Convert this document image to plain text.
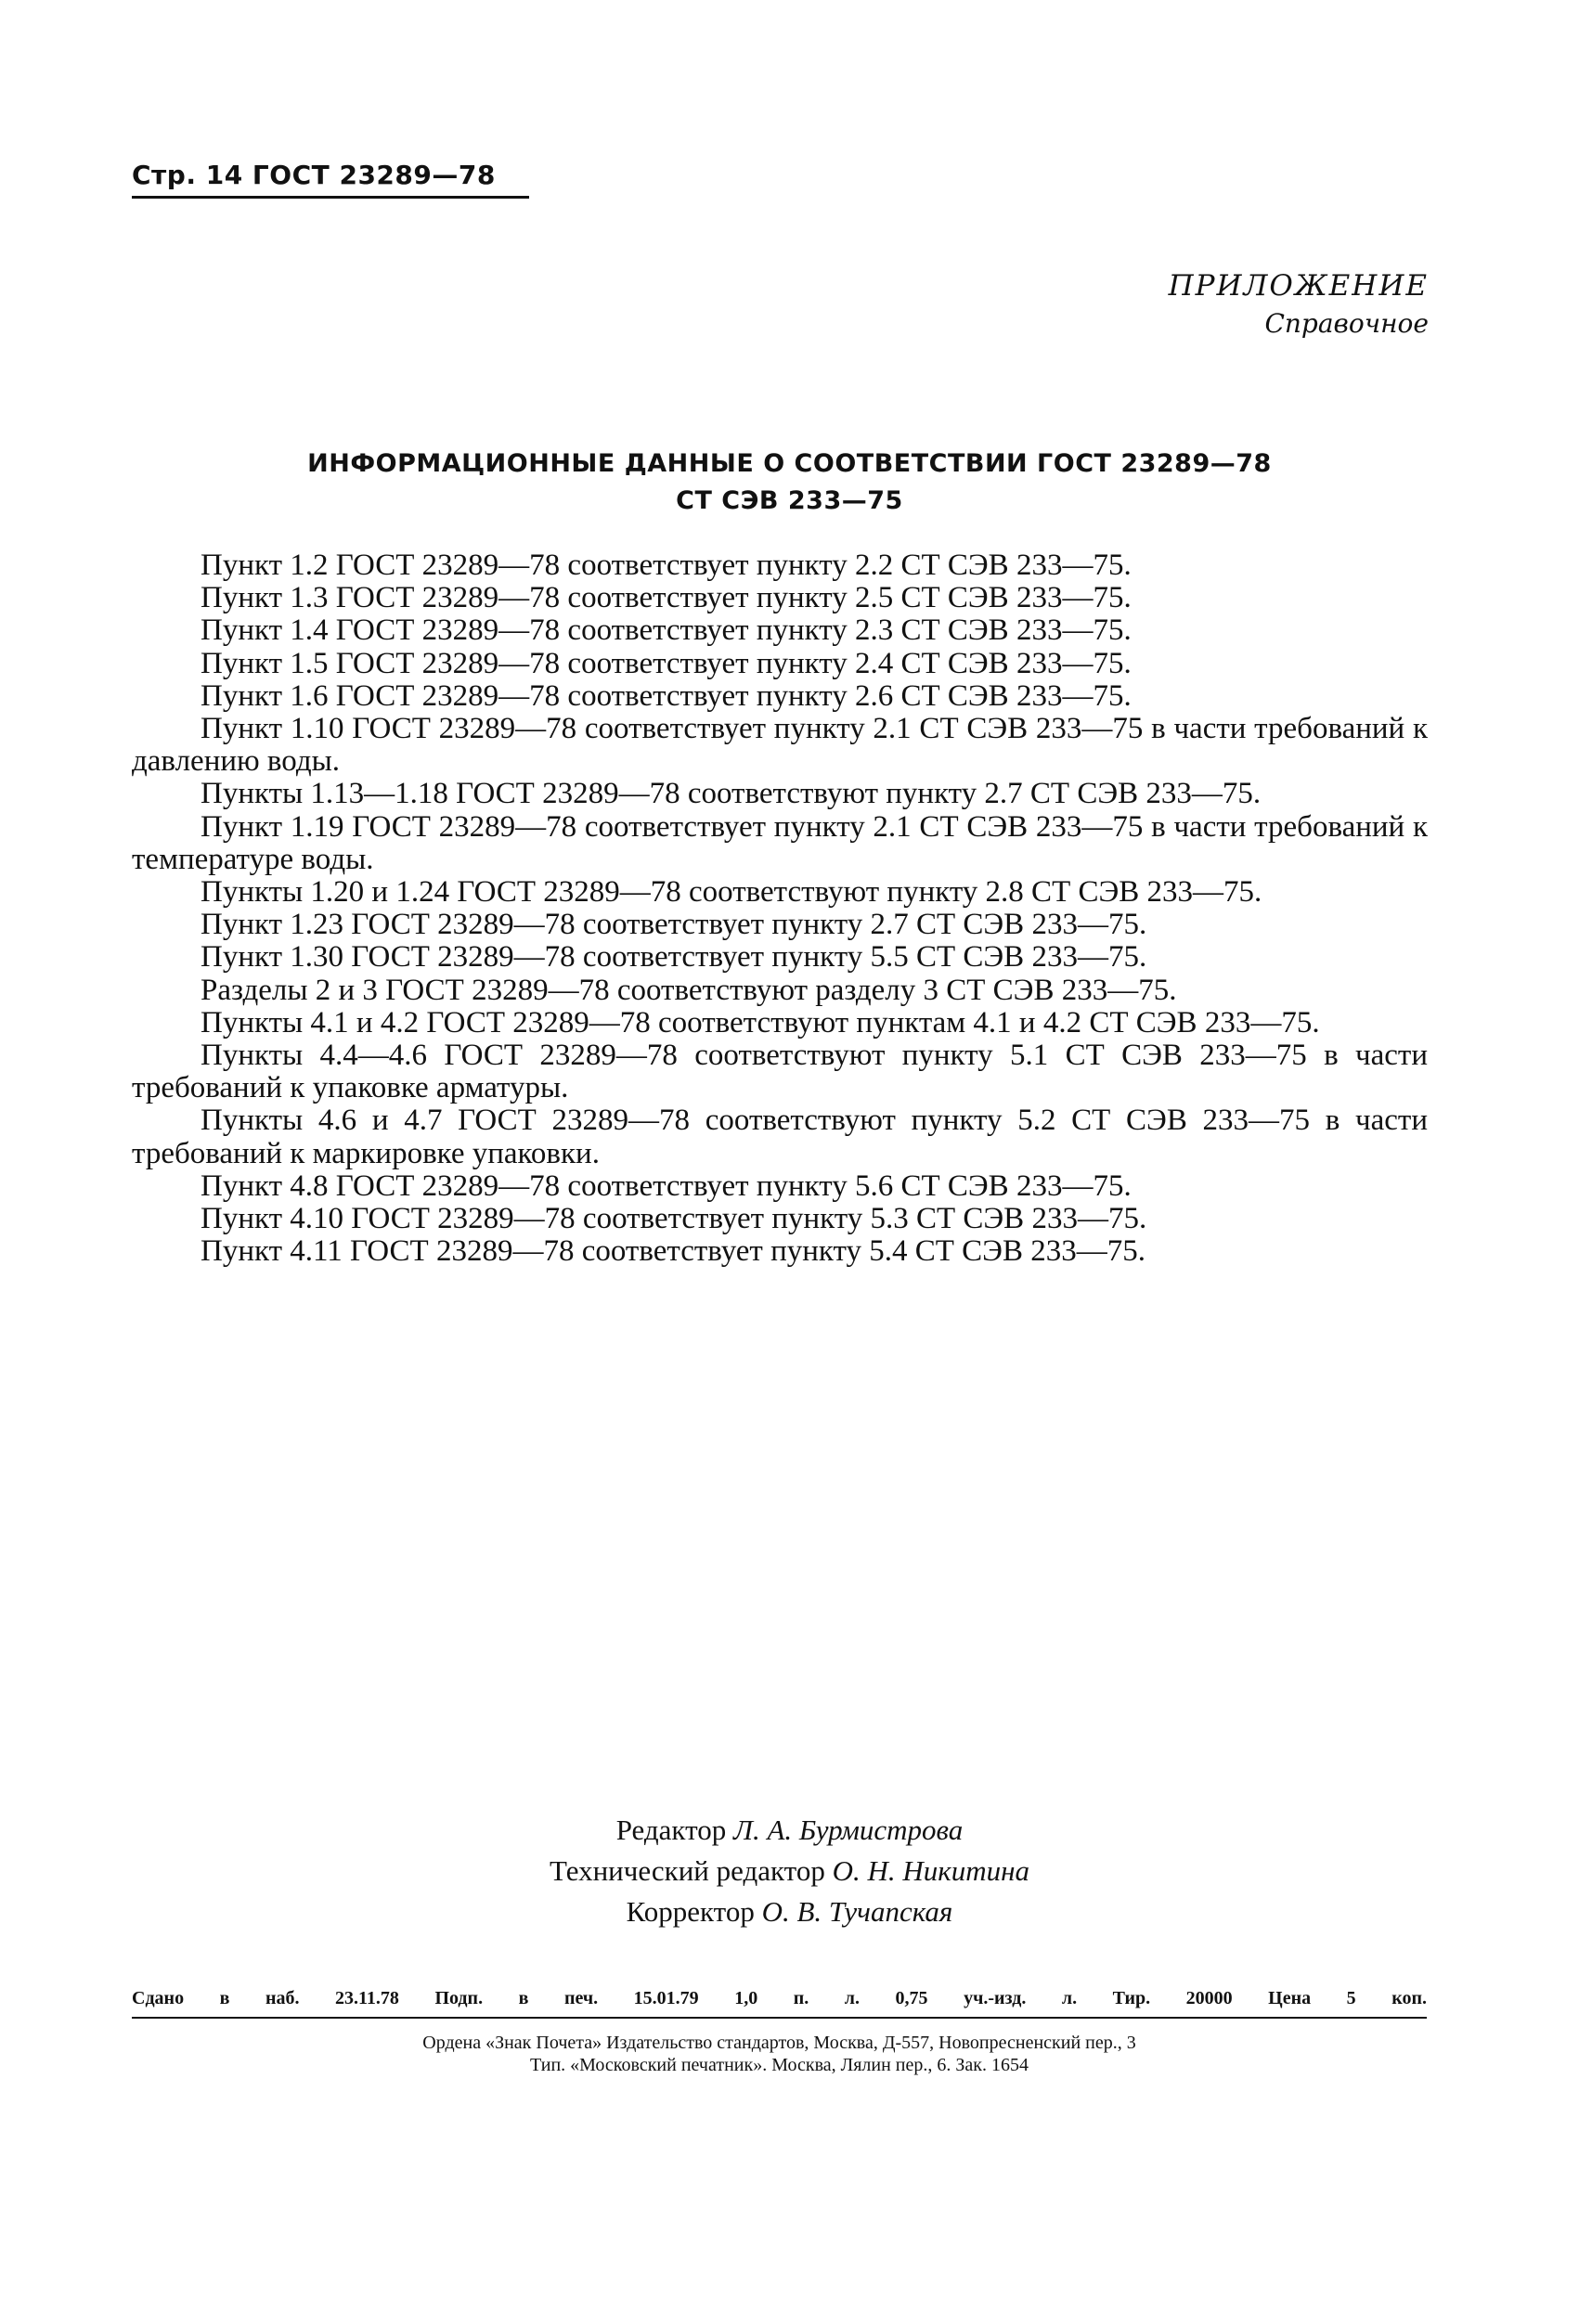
Стр. 14 ГОСТ 23289—78
ПРИЛОЖЕНИЕ
Справочное
ИНФОРМАЦИОННЫЕ ДАННЫЕ О СООТВЕТСТВИИ ГОСТ 23289—78
СТ СЭВ 233—75

Пункт 1.2 ГОСТ 23289—78 соответствует пункту 2.2 СТ СЭВ 233—75.

Пункт 1.3 ГОСТ 23289—78 соответствует пункту 2.5 СТ СЭВ 233—75.

Пункт 1.4 ГОСТ 23289—78 соответствует пункту 2.3 СТ СЭВ 233—75.

Пункт 1.5 ГОСТ 23289—78 соответствует пункту 2.4 СТ СЭВ 233—75.

Пункт 1.6 ГОСТ 23289—78 соответствует пункту 2.6 СТ СЭВ 233—75.

Пункт 1.10 ГОСТ 23289—78 соответствует пункту 2.1 СТ СЭВ 233—75 в части требований к давлению воды.

Пункты 1.13—1.18 ГОСТ 23289—78 соответствуют пункту 2.7 СТ СЭВ 233—75.

Пункт 1.19 ГОСТ 23289—78 соответствует пункту 2.1 СТ СЭВ 233—75 в части требований к температуре воды.

Пункты 1.20 и 1.24 ГОСТ 23289—78 соответствуют пункту 2.8 СТ СЭВ 233—75.

Пункт 1.23 ГОСТ 23289—78 соответствует пункту 2.7 СТ СЭВ 233—75.

Пункт 1.30 ГОСТ 23289—78 соответствует пункту 5.5 СТ СЭВ 233—75.

Разделы 2 и 3 ГОСТ 23289—78 соответствуют разделу 3 СТ СЭВ 233—75.

Пункты 4.1 и 4.2 ГОСТ 23289—78 соответствуют пунктам 4.1 и 4.2 СТ СЭВ 233—75.

Пункты 4.4—4.6 ГОСТ 23289—78 соответствуют пункту 5.1 СТ СЭВ 233—75 в части требований к упаковке арматуры.

Пункты 4.6 и 4.7 ГОСТ 23289—78 соответствуют пункту 5.2 СТ СЭВ 233—75 в части требований к маркировке упаковки.

Пункт 4.8 ГОСТ 23289—78 соответствует пункту 5.6 СТ СЭВ 233—75.

Пункт 4.10 ГОСТ 23289—78 соответствует пункту 5.3 СТ СЭВ 233—75.

Пункт 4.11 ГОСТ 23289—78 соответствует пункту 5.4 СТ СЭВ 233—75.

Редактор Л. А. Бурмистрова
Технический редактор О. Н. Никитина
Корректор О. В. Тучапская
Сдано в наб. 23.11.78 Подп. в печ. 15.01.79 1,0 п. л. 0,75 уч.-изд. л. Тир. 20000 Цена 5 коп.
Ордена «Знак Почета» Издательство стандартов, Москва, Д-557, Новопресненский пер., 3
Тип. «Московский печатник». Москва, Лялин пер., 6. Зак. 1654
